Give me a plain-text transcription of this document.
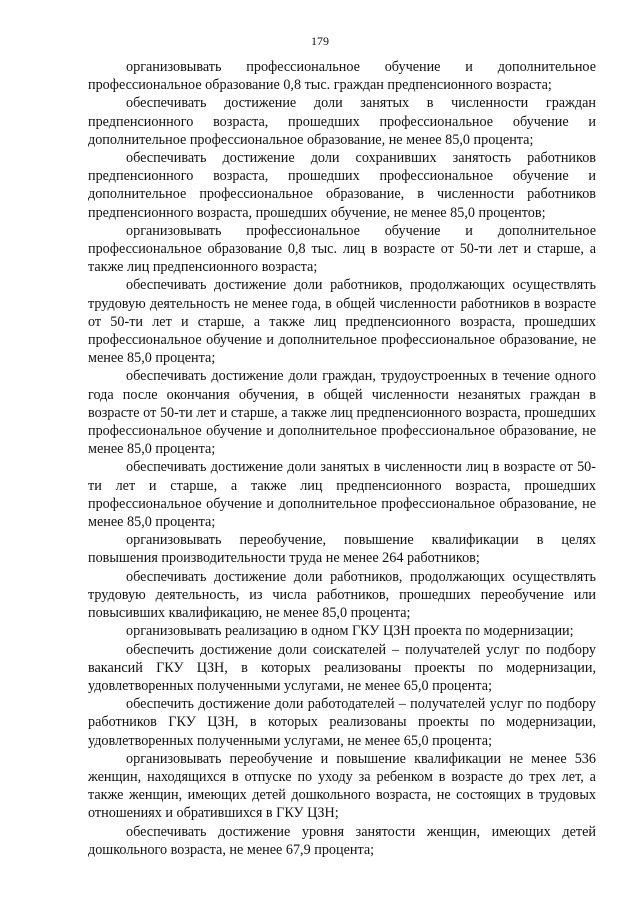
179

организовывать профессиональное обучение и дополнительное профессиональное образование 0,8 тыс. граждан предпенсионного возраста;

обеспечивать достижение доли занятых в численности граждан предпенсионного возраста, прошедших профессиональное обучение и дополнительное профессиональное образование, не менее 85,0 процента;

обеспечивать достижение доли сохранивших занятость работников предпенсионного возраста, прошедших профессиональное обучение и дополнительное профессиональное образование, в численности работников предпенсионного возраста, прошедших обучение, не менее 85,0 процентов;

организовывать профессиональное обучение и дополнительное профессиональное образование 0,8 тыс. лиц в возрасте от 50-ти лет и старше, а также лиц предпенсионного возраста;

обеспечивать достижение доли работников, продолжающих осуществлять трудовую деятельность не менее года, в общей численности работников в возрасте от 50-ти лет и старше, а также лиц предпенсионного возраста, прошедших профессиональное обучение и дополнительное профессиональное образование, не менее 85,0 процента;

обеспечивать достижение доли граждан, трудоустроенных в течение одного года после окончания обучения, в общей численности незанятых граждан в возрасте от 50-ти лет и старше, а также лиц предпенсионного возраста, прошедших профессиональное обучение и дополнительное профессиональное образование, не менее 85,0 процента;

обеспечивать достижение доли занятых в численности лиц в возрасте от 50-ти лет и старше, а также лиц предпенсионного возраста, прошедших профессиональное обучение и дополнительное профессиональное образование, не менее 85,0 процента;

организовывать переобучение, повышение квалификации в целях повышения производительности труда не менее 264 работников;

обеспечивать достижение доли работников, продолжающих осуществлять трудовую деятельность, из числа работников, прошедших переобучение или повысивших квалификацию, не менее 85,0 процента;

организовывать реализацию в одном ГКУ ЦЗН проекта по модернизации;

обеспечить достижение доли соискателей – получателей услуг по подбору вакансий ГКУ ЦЗН, в которых реализованы проекты по модернизации, удовлетворенных полученными услугами, не менее 65,0 процента;

обеспечить достижение доли работодателей – получателей услуг по подбору работников ГКУ ЦЗН, в которых реализованы проекты по модернизации, удовлетворенных полученными услугами, не менее 65,0 процента;

организовывать переобучение и повышение квалификации не менее 536 женщин, находящихся в отпуске по уходу за ребенком в возрасте до трех лет, а также женщин, имеющих детей дошкольного возраста, не состоящих в трудовых отношениях и обратившихся в ГКУ ЦЗН;

обеспечивать достижение уровня занятости женщин, имеющих детей дошкольного возраста, не менее 67,9 процента;
